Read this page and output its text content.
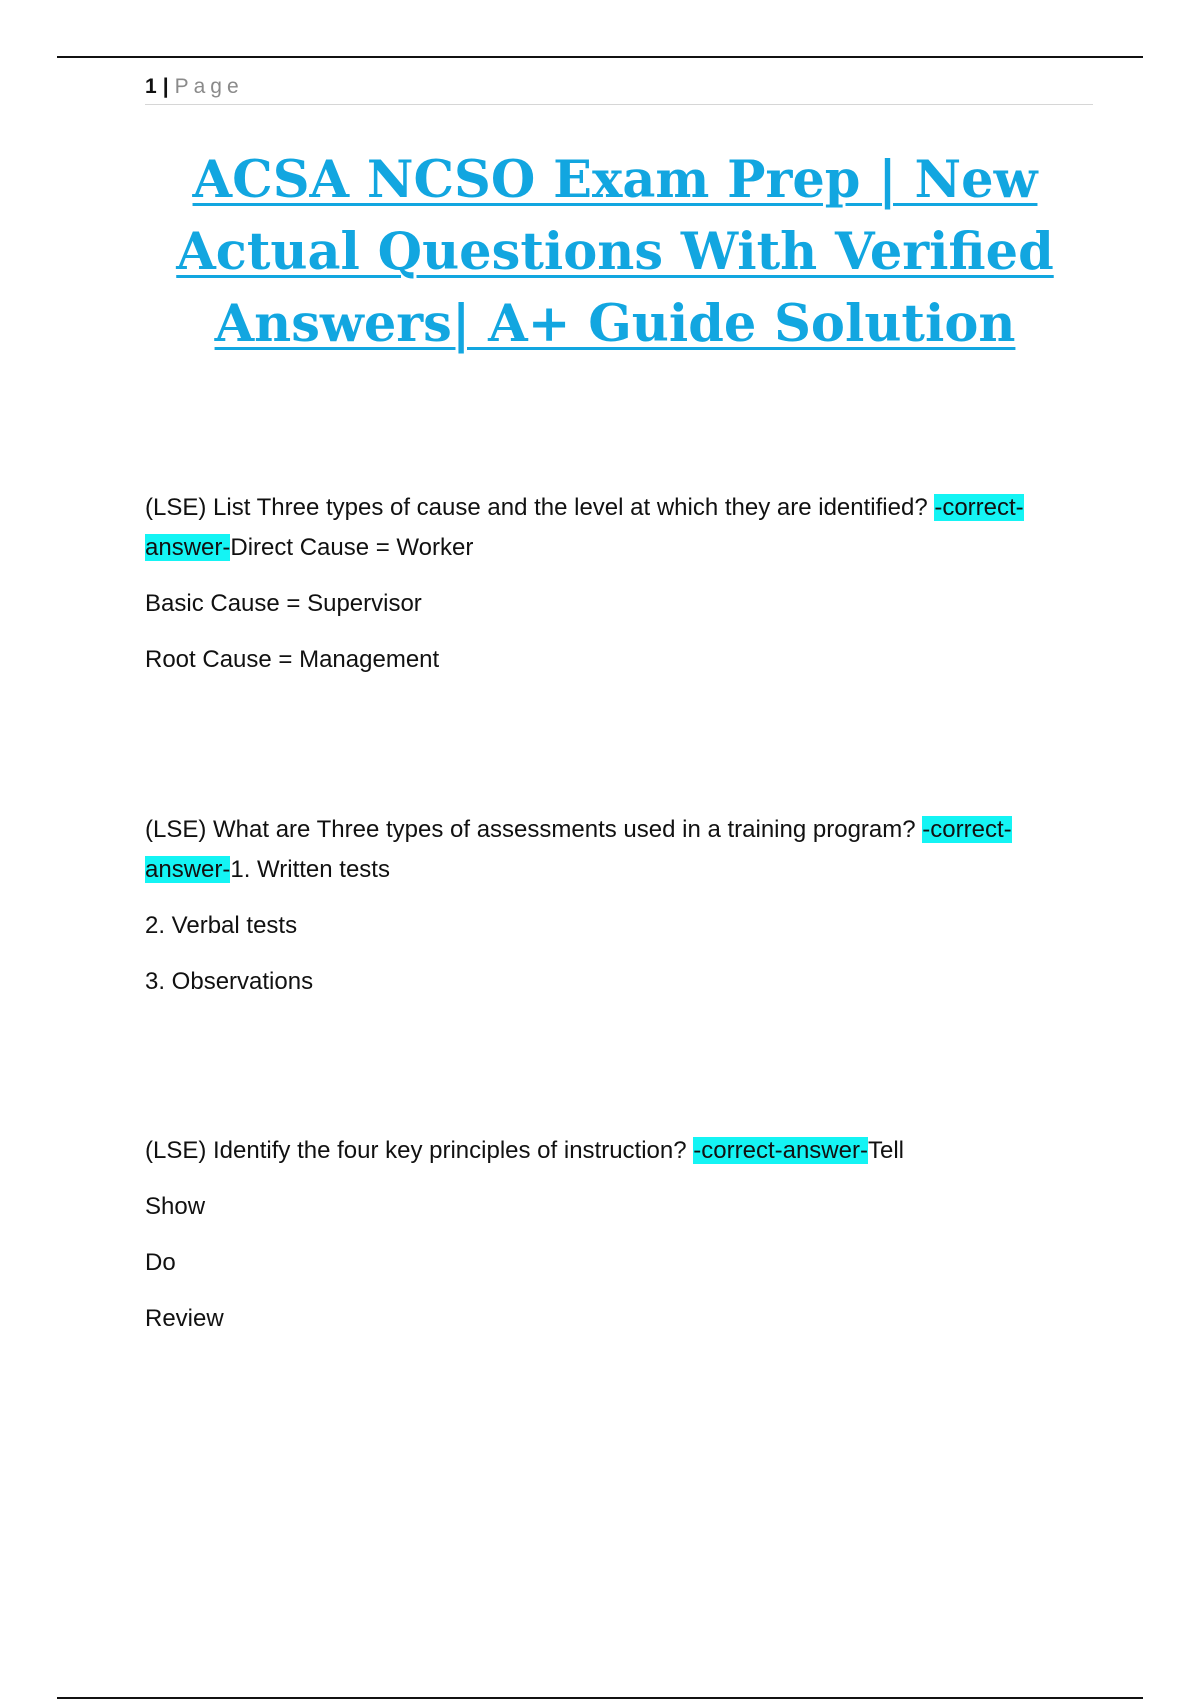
1 | Page
ACSA NCSO Exam Prep | New Actual Questions With Verified Answers| A+ Guide Solution

(LSE) List Three types of cause and the level at which they are identified? -correct-answer-Direct Cause = Worker

Basic Cause = Supervisor

Root Cause = Management

(LSE) What are Three types of assessments used in a training program? -correct-answer-1. Written tests

2. Verbal tests

3. Observations

(LSE) Identify the four key principles of instruction? -correct-answer-Tell

Show

Do

Review
